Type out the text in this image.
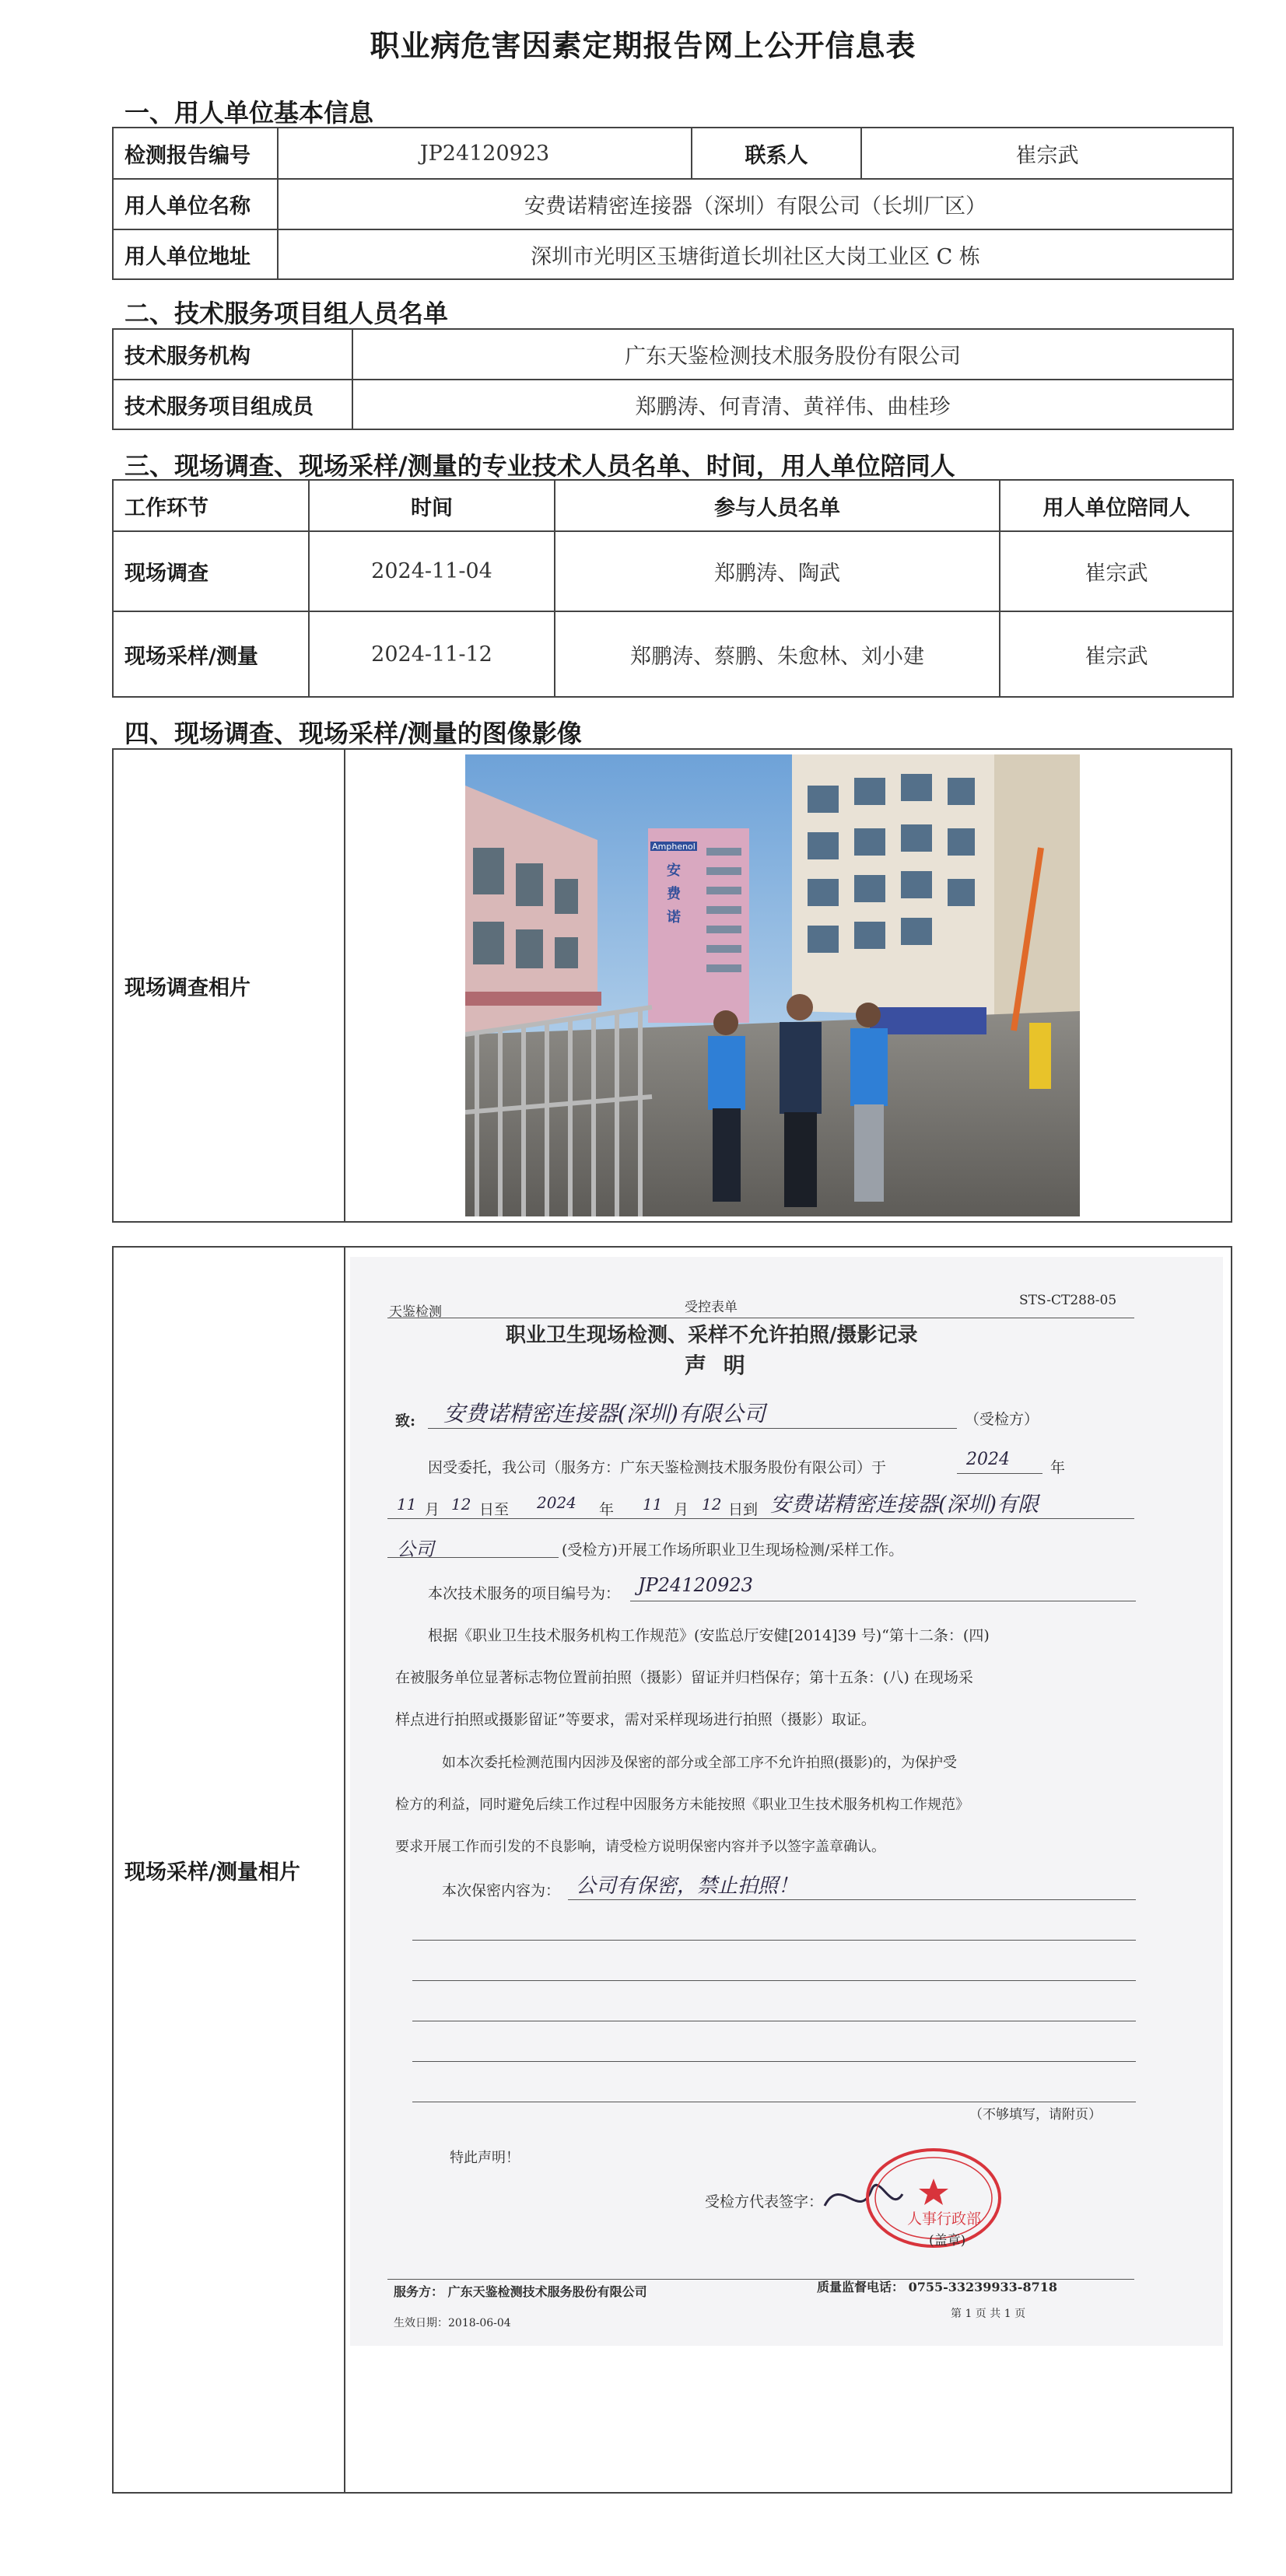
职业病危害因素定期报告网上公开信息表
一、用人单位基本信息
检测报告编号	JP24120923	联系人	崔宗武
用人单位名称	安费诺精密连接器（深圳）有限公司（长圳厂区）		
用人单位地址	深圳市光明区玉塘街道长圳社区大岗工业区 C 栋		
二、技术服务项目组人员名单
技术服务机构	广东天鉴检测技术服务股份有限公司
技术服务项目组成员	郑鹏涛、何青清、黄祥伟、曲桂珍
三、现场调查、现场采样/测量的专业技术人员名单、时间，用人单位陪同人
工作环节	时间	参与人员名单	用人单位陪同人
现场调查	2024-11-04	郑鹏涛、陶武	崔宗武
现场采样/测量	2024-11-12	郑鹏涛、蔡鹏、朱愈林、刘小建	崔宗武
四、现场调查、现场采样/测量的图像影像
现场调查相片
Amphenol
安
费
诺
现场采样/测量相片
天鉴检测	受控表单	STS-CT288-05
职业卫生现场检测、采样不允许拍照/摄影记录
声 明
致: 安费诺精密连接器(深圳)有限公司	（受检方）
因受委托，我公司（服务方：广东天鉴检测技术服务股份有限公司）于	2024	年
11 月 12 日至 2024 年 11 月 12 日到 安费诺精密连接器(深圳)有限
公司	(受检方)开展工作场所职业卫生现场检测/采样工作。
本次技术服务的项目编号为： JP24120923
根据《职业卫生技术服务机构工作规范》(安监总厅安健[2014]39 号)“第十二条：(四)
在被服务单位显著标志物位置前拍照（摄影）留证并归档保存；第十五条：(八) 在现场采
样点进行拍照或摄影留证”等要求，需对采样现场进行拍照（摄影）取证。
如本次委托检测范围内因涉及保密的部分或全部工序不允许拍照(摄影)的，为保护受
检方的利益，同时避免后续工作过程中因服务方未能按照《职业卫生技术服务机构工作规范》
要求开展工作而引发的不良影响，请受检方说明保密内容并予以签字盖章确认。
本次保密内容为： 公司有保密，禁止拍照！
（不够填写，请附页）
特此声明！
受检方代表签字：
人事行政部
(盖章)
服务方： 广东天鉴检测技术服务股份有限公司	质量监督电话： 0755-33239933-8718
生效日期：2018-06-04
第 1 页 共 1 页
